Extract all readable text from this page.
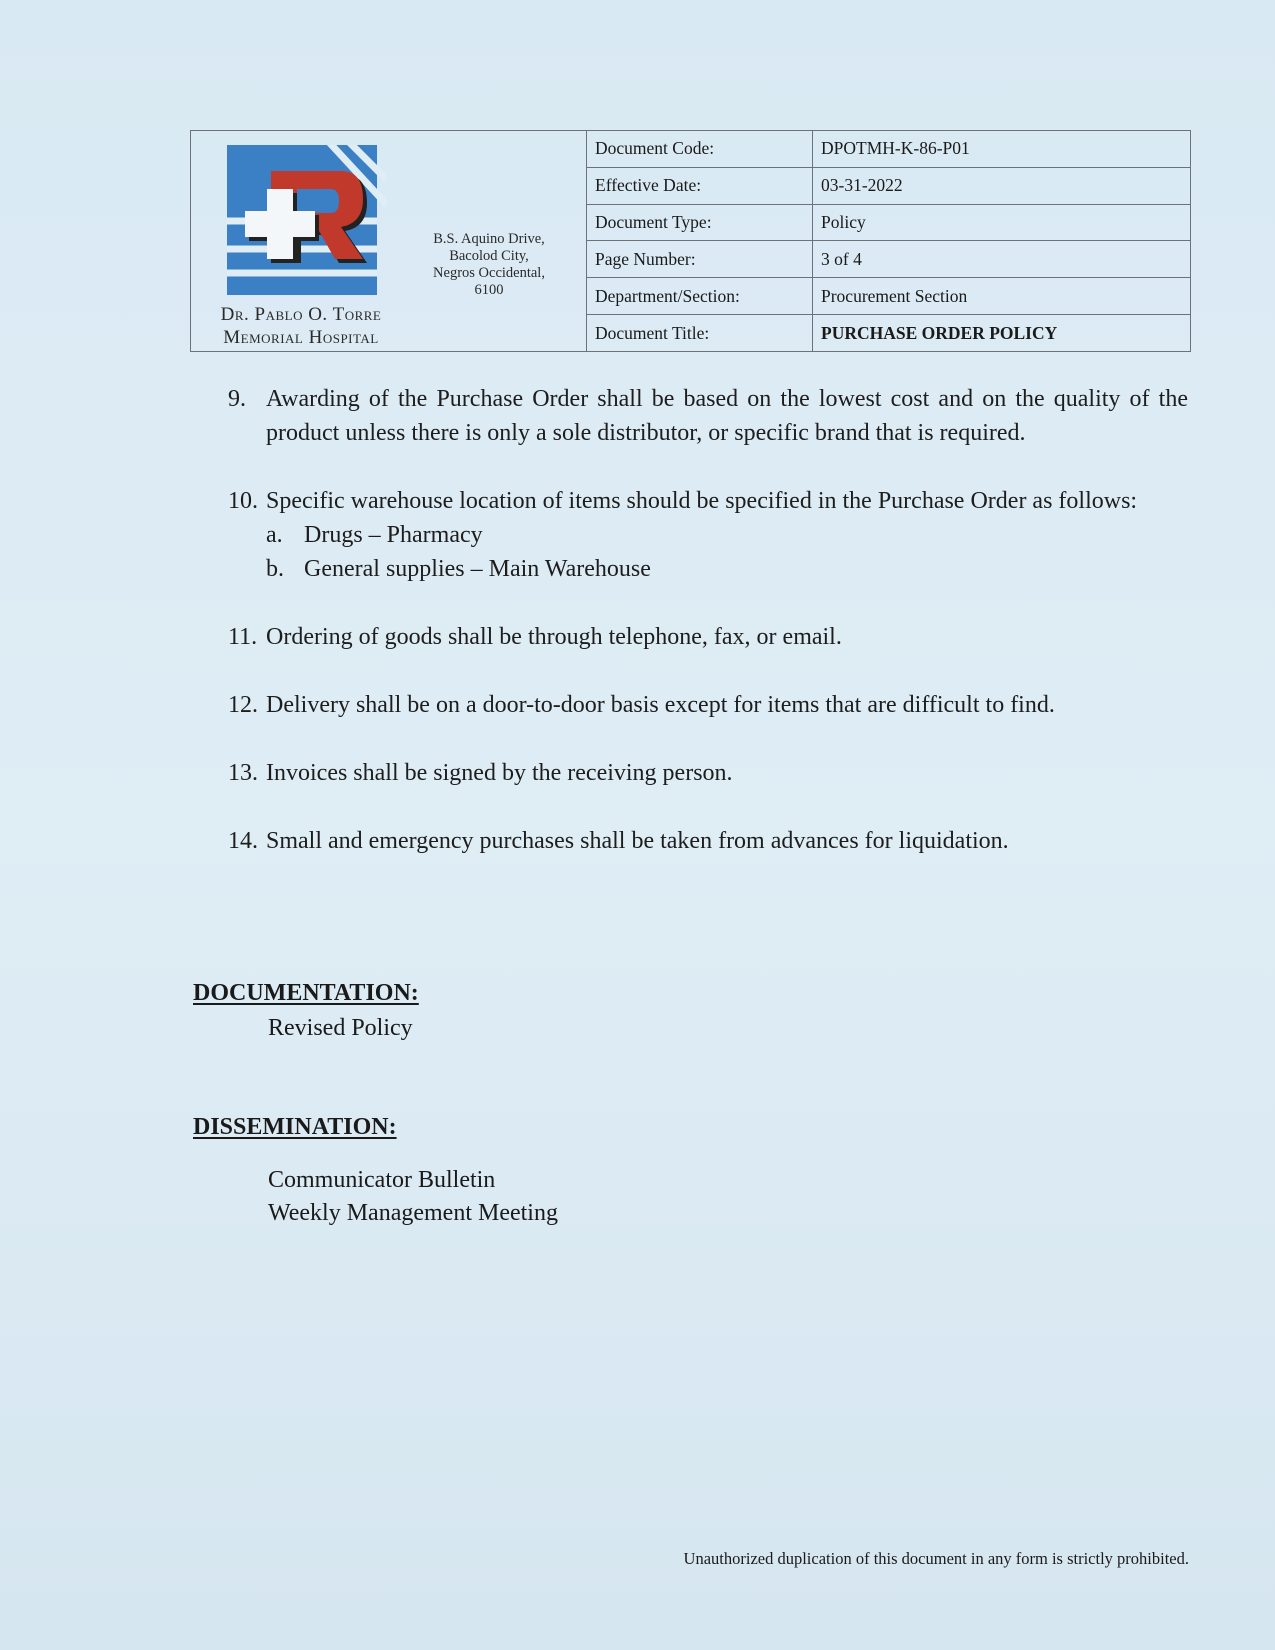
Dr. Pablo O. Torre
Memorial Hospital
B.S. Aquino Drive,
Bacolod City,
Negros Occidental,
6100
Document Code:	DPOTMH-K-86-P01
Effective Date:	03-31-2022
Document Type:	Policy
Page Number:	3 of 4
Department/Section:	Procurement Section
Document Title:	PURCHASE ORDER POLICY
9. Awarding of the Purchase Order shall be based on the lowest cost and on the quality of the product unless there is only a sole distributor, or specific brand that is required.
10. Specific warehouse location of items should be specified in the Purchase Order as follows:
a. Drugs – Pharmacy
b. General supplies – Main Warehouse
11. Ordering of goods shall be through telephone, fax, or email.
12. Delivery shall be on a door-to-door basis except for items that are difficult to find.
13. Invoices shall be signed by the receiving person.
14. Small and emergency purchases shall be taken from advances for liquidation.
DOCUMENTATION:
Revised Policy
DISSEMINATION:
Communicator Bulletin
Weekly Management Meeting
Unauthorized duplication of this document in any form is strictly prohibited.
